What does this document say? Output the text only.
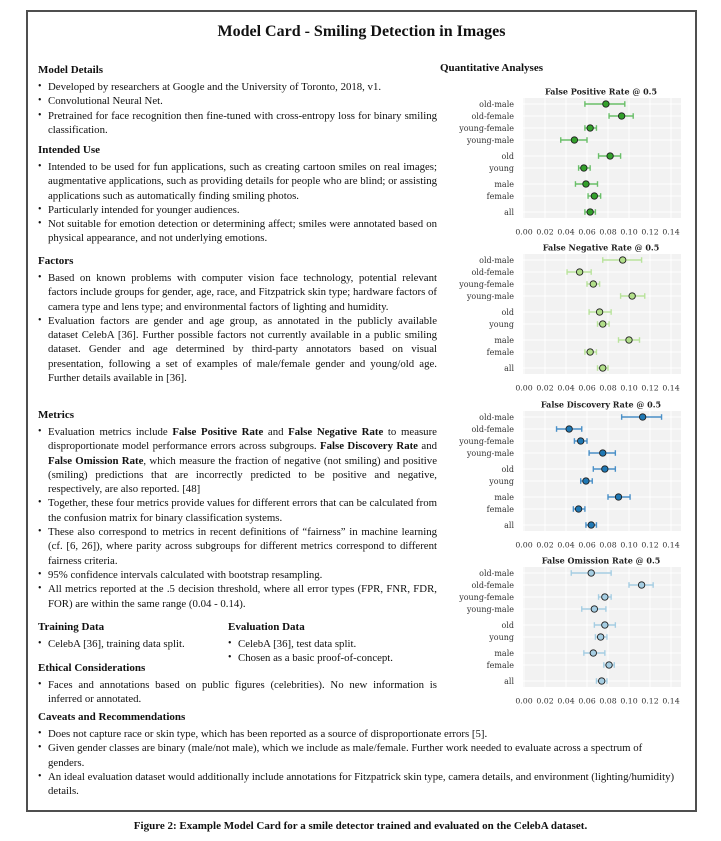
Model Card - Smiling Detection in Images
Model Details
• Developed by researchers at Google and the University of Toronto, 2018, v1.
• Convolutional Neural Net.
• Pretrained for face recognition then fine-tuned with cross-entropy loss for binary smiling classification.
Intended Use
• Intended to be used for fun applications, such as creating cartoon smiles on real images; augmentative applications, such as providing details for people who are blind; or assisting applications such as automatically finding smiling photos.
• Particularly intended for younger audiences.
• Not suitable for emotion detection or determining affect; smiles were annotated based on physical appearance, and not underlying emotions.
Factors
• Based on known problems with computer vision face technology, potential relevant factors include groups for gender, age, race, and Fitzpatrick skin type; hardware factors of camera type and lens type; and environmental factors of lighting and humidity.
• Evaluation factors are gender and age group, as annotated in the publicly available dataset CelebA [36]. Further possible factors not currently available in a public smiling dataset. Gender and age determined by third-party annotators based on visual presentation, following a set of examples of male/female gender and young/old age. Further details available in [36].
Metrics
• Evaluation metrics include False Positive Rate and False Negative Rate to measure disproportionate model performance errors across subgroups. False Discovery Rate and False Omission Rate, which measure the fraction of negative (not smiling) and positive (smiling) predictions that are incorrectly predicted to be positive and negative, respectively, are also reported. [48]
• Together, these four metrics provide values for different errors that can be calculated from the confusion matrix for binary classification systems.
• These also correspond to metrics in recent definitions of “fairness” in machine learning (cf. [6, 26]), where parity across subgroups for different metrics correspond to different fairness criteria.
• 95% confidence intervals calculated with bootstrap resampling.
• All metrics reported at the .5 decision threshold, where all error types (FPR, FNR, FDR, FOR) are within the same range (0.04 - 0.14).
Training Data
• CelebA [36], training data split.
Evaluation Data
• CelebA [36], test data split.
• Chosen as a basic proof-of-concept.
Ethical Considerations
• Faces and annotations based on public figures (celebrities). No new information is inferred or annotated.
Caveats and Recommendations
• Does not capture race or skin type, which has been reported as a source of disproportionate errors [5].
• Given gender classes are binary (male/not male), which we include as male/female. Further work needed to evaluate across a spectrum of genders.
• An ideal evaluation dataset would additionally include annotations for Fitzpatrick skin type, camera details, and environment (lighting/humidity) details.
Quantitative Analyses
False Positive Rate @ 0.5
0.00 0.02 0.04 0.06 0.08 0.10 0.12 0.14
old-male
old-female
young-female
young-male
old
young
male
female
all
False Negative Rate @ 0.5
0.00 0.02 0.04 0.06 0.08 0.10 0.12 0.14
old-male
old-female
young-female
young-male
old
young
male
female
all
False Discovery Rate @ 0.5
0.00 0.02 0.04 0.06 0.08 0.10 0.12 0.14
old-male
old-female
young-female
young-male
old
young
male
female
all
False Omission Rate @ 0.5
0.00 0.02 0.04 0.06 0.08 0.10 0.12 0.14
old-male
old-female
young-female
young-male
old
young
male
female
all
Figure 2: Example Model Card for a smile detector trained and evaluated on the CelebA dataset.
